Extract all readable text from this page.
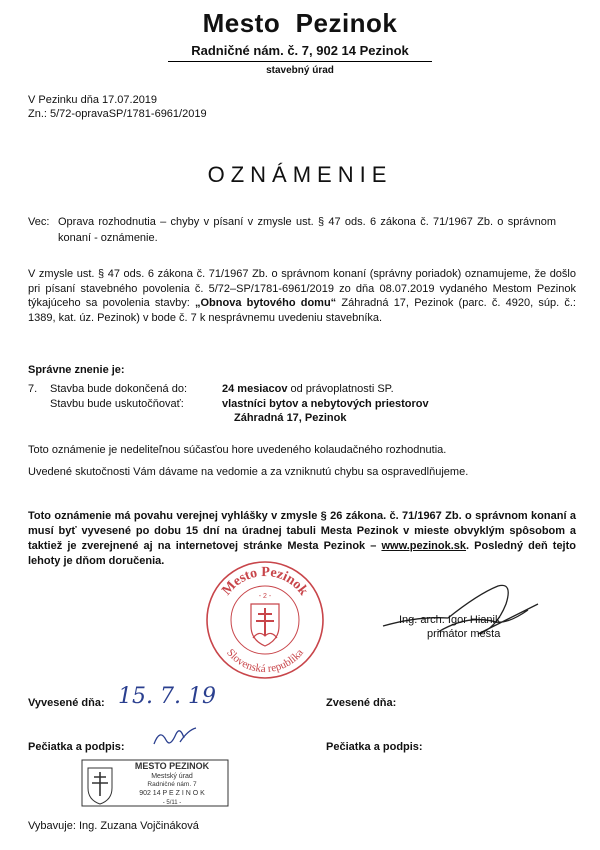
Mesto  Pezinok
Radničné nám. č. 7, 902 14 Pezinok
stavebný úrad
V Pezinku dňa 17.07.2019
Zn.: 5/72-opravaSP/1781-6961/2019
OZNÁMENIE
Vec: Oprava rozhodnutia – chyby v písaní v zmysle ust. § 47 ods. 6 zákona č. 71/1967 Zb. o správnom konaní - oznámenie.
V zmysle ust. § 47 ods. 6 zákona č. 71/1967 Zb. o správnom konaní (správny poriadok) oznamujeme, že došlo pri písaní stavebného povolenia č. 5/72–SP/1781-6961/2019 zo dňa 08.07.2019 vydaného Mestom Pezinok týkajúceho sa povolenia stavby: „Obnova bytového domu“ Záhradná 17, Pezinok (parc. č. 4920, súp. č.: 1389, kat. úz. Pezinok) v bode č. 7 k nesprávnemu uvedeniu stavebníka.
Správne znenie je:
7. Stavba bude dokončená do:	24 mesiacov od právoplatnosti SP.
Stavbu bude uskutočňovať:	vlastníci bytov a nebytových priestorov
Záhradná 17, Pezinok
Toto oznámenie je nedeliteľnou súčasťou hore uvedeného kolaudačného rozhodnutia.
Uvedené skutočnosti Vám dávame na vedomie a za vzniknutú chybu sa ospravedlňujeme.
Toto oznámenie má povahu verejnej vyhlášky v zmysle § 26 zákona. č. 71/1967 Zb. o správnom konaní a musí byť vyvesené po dobu 15 dní na úradnej tabuli Mesta Pezinok v mieste obvyklým spôsobom a taktiež je zverejnené aj na internetovej stránke Mesta Pezinok – www.pezinok.sk. Posledný deň tejto lehoty je dňom doručenia.
Mesto Pezinok
Slovenská republika
- 2 -
Ing. arch. Igor Hianik
primátor mesta
Vyvesené dňa: 15. 7. 19	Zvesené dňa:
Pečiatka a podpis:	Pečiatka a podpis:
MESTO PEZINOK
Mestský úrad
Radničné nám. 7
902 14 P E Z I N O K
- 5/11 -
Vybavuje: Ing. Zuzana Vojčináková
